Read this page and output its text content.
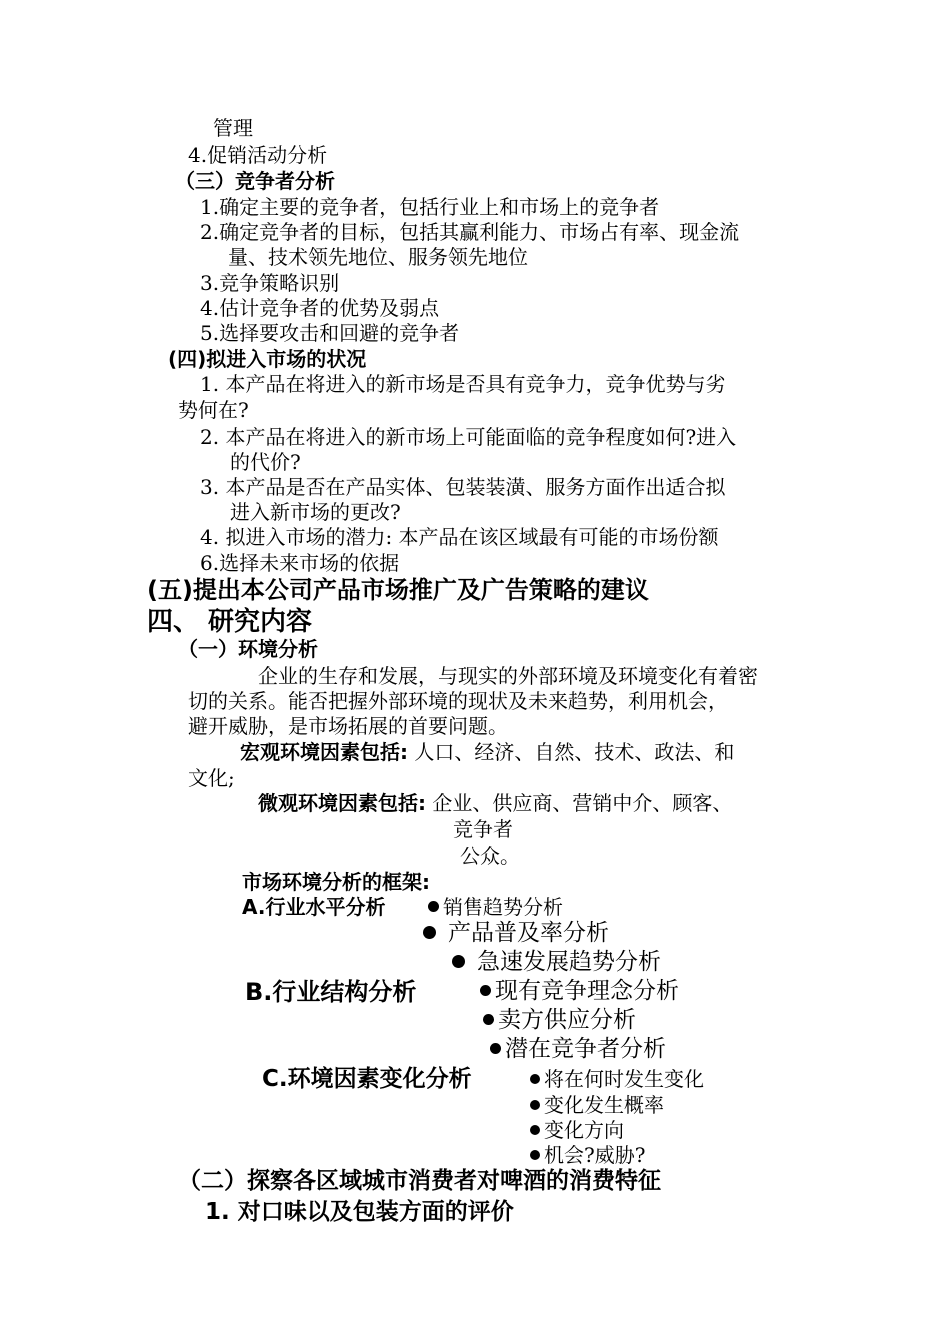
管理
4.促销活动分析
（三）竞争者分析
1.确定主要的竞争者，包括行业上和市场上的竞争者
2.确定竞争者的目标，包括其赢利能力、市场占有率、现金流
量、技术领先地位、服务领先地位
3.竞争策略识别
4.估计竞争者的优势及弱点
5.选择要攻击和回避的竞争者
(四)拟进入市场的状况
1. 本产品在将进入的新市场是否具有竞争力，竞争优势与劣
势何在?
2. 本产品在将进入的新市场上可能面临的竞争程度如何?进入
的代价?
3. 本产品是否在产品实体、包装装潢、服务方面作出适合拟
进入新市场的更改?
4. 拟进入市场的潜力: 本产品在该区域最有可能的市场份额
6.选择未来市场的依据
(五)提出本公司产品市场推广及广告策略的建议
四、 研究内容
（一）环境分析
企业的生存和发展，与现实的外部环境及环境变化有着密
切的关系。能否把握外部环境的现状及未来趋势，利用机会，
避开威胁，是市场拓展的首要问题。
宏观环境因素包括: 人口、经济、自然、技术、政法、和
文化;
微观环境因素包括: 企业、供应商、营销中介、顾客、
竞争者
公众。
市场环境分析的框架:
A.行业水平分析	销售趋势分析
产品普及率分析
急速发展趋势分析
B.行业结构分析	现有竞争理念分析
卖方供应分析
潜在竞争者分析
C.环境因素变化分析	将在何时发生变化
变化发生概率
变化方向
机会?威胁?
（二）探察各区域城市消费者对啤酒的消费特征
1. 对口味以及包装方面的评价
